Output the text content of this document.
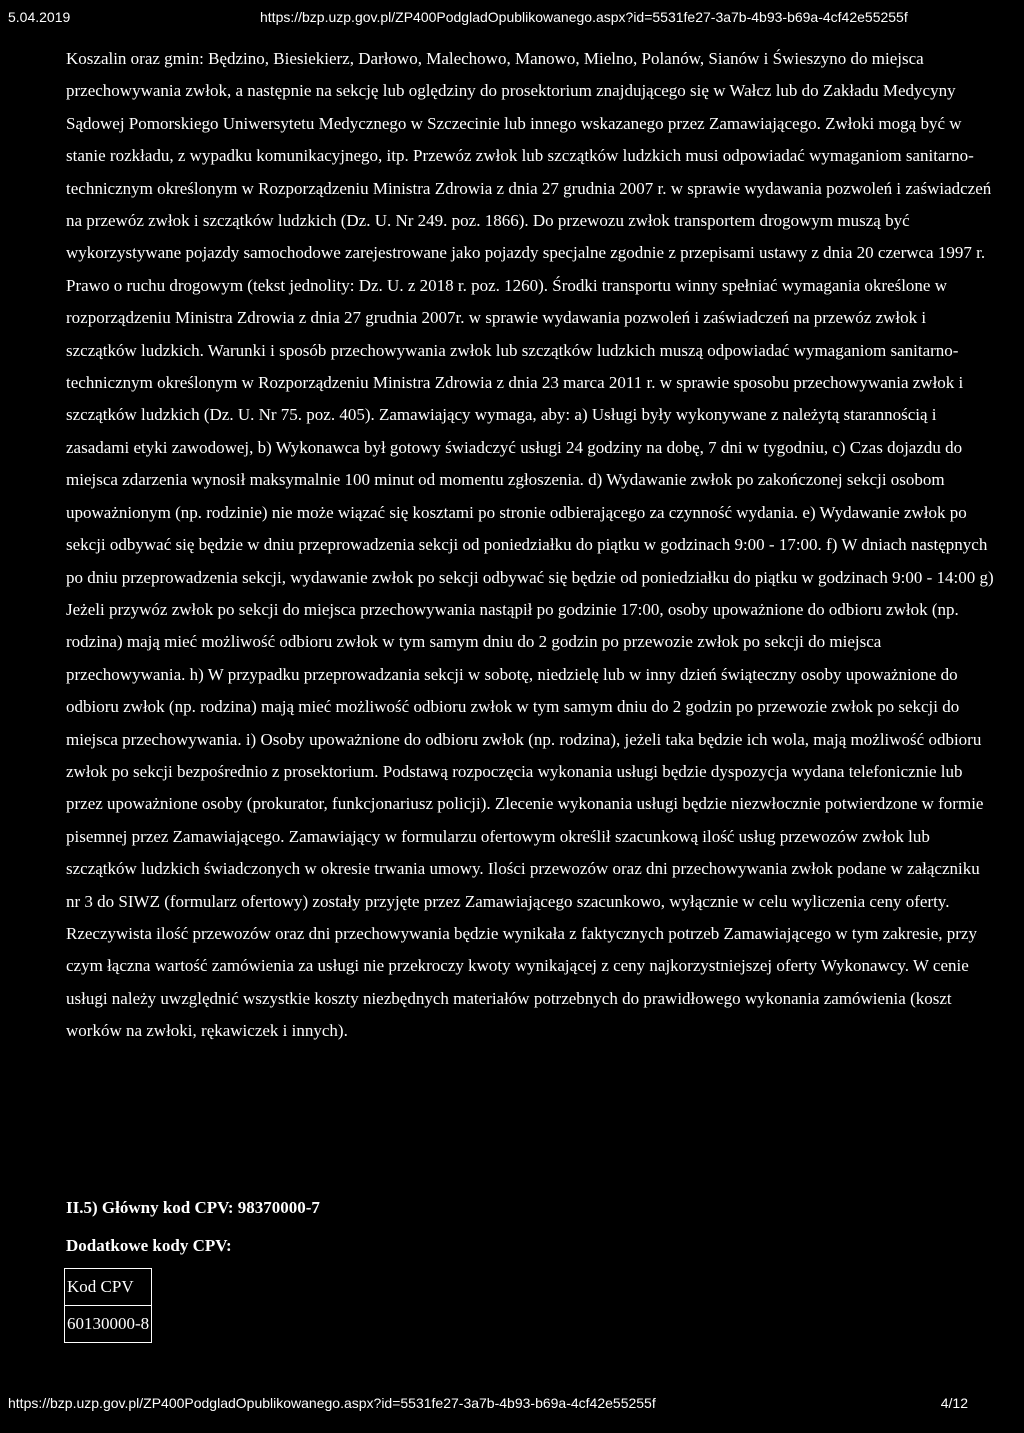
5.04.2019	https://bzp.uzp.gov.pl/ZP400PodgladOpublikowanego.aspx?id=5531fe27-3a7b-4b93-b69a-4cf42e55255f

Koszalin oraz gmin: Będzino, Biesiekierz, Darłowo, Malechowo, Manowo, Mielno, Polanów, Sianów i Świeszyno do miejsca przechowywania zwłok, a następnie na sekcję lub oględziny do prosektorium znajdującego się w Wałcz lub do Zakładu Medycyny Sądowej Pomorskiego Uniwersytetu Medycznego w Szczecinie lub innego wskazanego przez Zamawiającego. Zwłoki mogą być w stanie rozkładu, z wypadku komunikacyjnego, itp. Przewóz zwłok lub szczątków ludzkich musi odpowiadać wymaganiom sanitarno-technicznym określonym w Rozporządzeniu Ministra Zdrowia z dnia 27 grudnia 2007 r. w sprawie wydawania pozwoleń i zaświadczeń na przewóz zwłok i szczątków ludzkich (Dz. U. Nr 249. poz. 1866). Do przewozu zwłok transportem drogowym muszą być wykorzystywane pojazdy samochodowe zarejestrowane jako pojazdy specjalne zgodnie z przepisami ustawy z dnia 20 czerwca 1997 r. Prawo o ruchu drogowym (tekst jednolity: Dz. U. z 2018 r. poz. 1260). Środki transportu winny spełniać wymagania określone w rozporządzeniu Ministra Zdrowia z dnia 27 grudnia 2007r. w sprawie wydawania pozwoleń i zaświadczeń na przewóz zwłok i szczątków ludzkich. Warunki i sposób przechowywania zwłok lub szczątków ludzkich muszą odpowiadać wymaganiom sanitarno-technicznym określonym w Rozporządzeniu Ministra Zdrowia z dnia 23 marca 2011 r. w sprawie sposobu przechowywania zwłok i szczątków ludzkich (Dz. U. Nr 75. poz. 405). Zamawiający wymaga, aby: a) Usługi były wykonywane z należytą starannością i zasadami etyki zawodowej, b) Wykonawca był gotowy świadczyć usługi 24 godziny na dobę, 7 dni w tygodniu, c) Czas dojazdu do miejsca zdarzenia wynosił maksymalnie 100 minut od momentu zgłoszenia. d) Wydawanie zwłok po zakończonej sekcji osobom upoważnionym (np. rodzinie) nie może wiązać się kosztami po stronie odbierającego za czynność wydania. e) Wydawanie zwłok po sekcji odbywać się będzie w dniu przeprowadzenia sekcji od poniedziałku do piątku w godzinach 9:00 - 17:00. f) W dniach następnych po dniu przeprowadzenia sekcji, wydawanie zwłok po sekcji odbywać się będzie od poniedziałku do piątku w godzinach 9:00 - 14:00 g) Jeżeli przywóz zwłok po sekcji do miejsca przechowywania nastąpił po godzinie 17:00, osoby upoważnione do odbioru zwłok (np. rodzina) mają mieć możliwość odbioru zwłok w tym samym dniu do 2 godzin po przewozie zwłok po sekcji do miejsca przechowywania. h) W przypadku przeprowadzania sekcji w sobotę, niedzielę lub w inny dzień świąteczny osoby upoważnione do odbioru zwłok (np. rodzina) mają mieć możliwość odbioru zwłok w tym samym dniu do 2 godzin po przewozie zwłok po sekcji do miejsca przechowywania. i) Osoby upoważnione do odbioru zwłok (np. rodzina), jeżeli taka będzie ich wola, mają możliwość odbioru zwłok po sekcji bezpośrednio z prosektorium. Podstawą rozpoczęcia wykonania usługi będzie dyspozycja wydana telefonicznie lub przez upoważnione osoby (prokurator, funkcjonariusz policji). Zlecenie wykonania usługi będzie niezwłocznie potwierdzone w formie pisemnej przez Zamawiającego. Zamawiający w formularzu ofertowym określił szacunkową ilość usług przewozów zwłok lub szczątków ludzkich świadczonych w okresie trwania umowy. Ilości przewozów oraz dni przechowywania zwłok podane w załączniku nr 3 do SIWZ (formularz ofertowy) zostały przyjęte przez Zamawiającego szacunkowo, wyłącznie w celu wyliczenia ceny oferty. Rzeczywista ilość przewozów oraz dni przechowywania będzie wynikała z faktycznych potrzeb Zamawiającego w tym zakresie, przy czym łączna wartość zamówienia za usługi nie przekroczy kwoty wynikającej z ceny najkorzystniejszej oferty Wykonawcy. W cenie usługi należy uwzględnić wszystkie koszty niezbędnych materiałów potrzebnych do prawidłowego wykonania zamówienia (koszt worków na zwłoki, rękawiczek i innych).

II.5) Główny kod CPV: 98370000-7
Dodatkowe kody CPV:
Kod CPV
60130000-8
https://bzp.uzp.gov.pl/ZP400PodgladOpublikowanego.aspx?id=5531fe27-3a7b-4b93-b69a-4cf42e55255f	4/12
